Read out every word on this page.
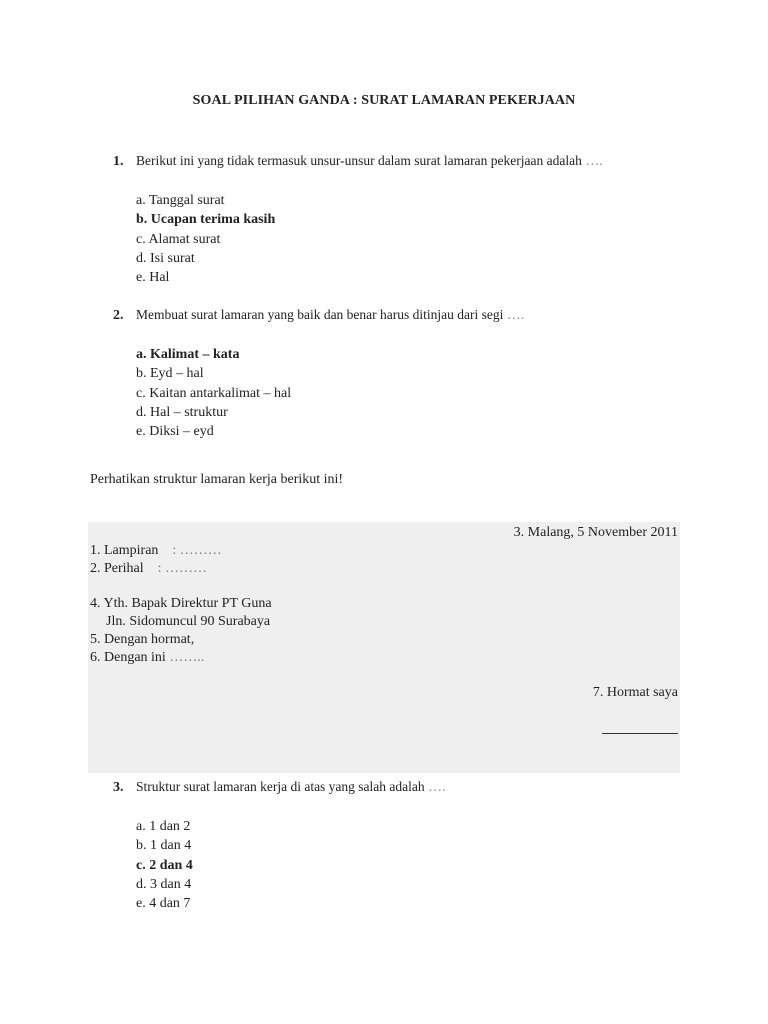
SOAL PILIHAN GANDA : SURAT LAMARAN PEKERJAAN
1. Berikut ini yang tidak termasuk unsur-unsur dalam surat lamaran pekerjaan adalah ….
a. Tanggal surat
b. Ucapan terima kasih
c. Alamat surat
d. Isi surat
e. Hal
2. Membuat surat lamaran yang baik dan benar harus ditinjau dari segi ….
a. Kalimat – kata
b. Eyd – hal
c. Kaitan antarkalimat – hal
d. Hal – struktur
e. Diksi – eyd
Perhatikan struktur lamaran kerja berikut ini!
3. Malang, 5 November 2011
1. Lampiran : ………
2. Perihal : ………
4. Yth. Bapak Direktur PT Guna
Jln. Sidomuncul 90 Surabaya
5. Dengan hormat,
6. Dengan ini ……..
7. Hormat saya
3. Struktur surat lamaran kerja di atas yang salah adalah ….
a. 1 dan 2
b. 1 dan 4
c. 2 dan 4
d. 3 dan 4
e. 4 dan 7
